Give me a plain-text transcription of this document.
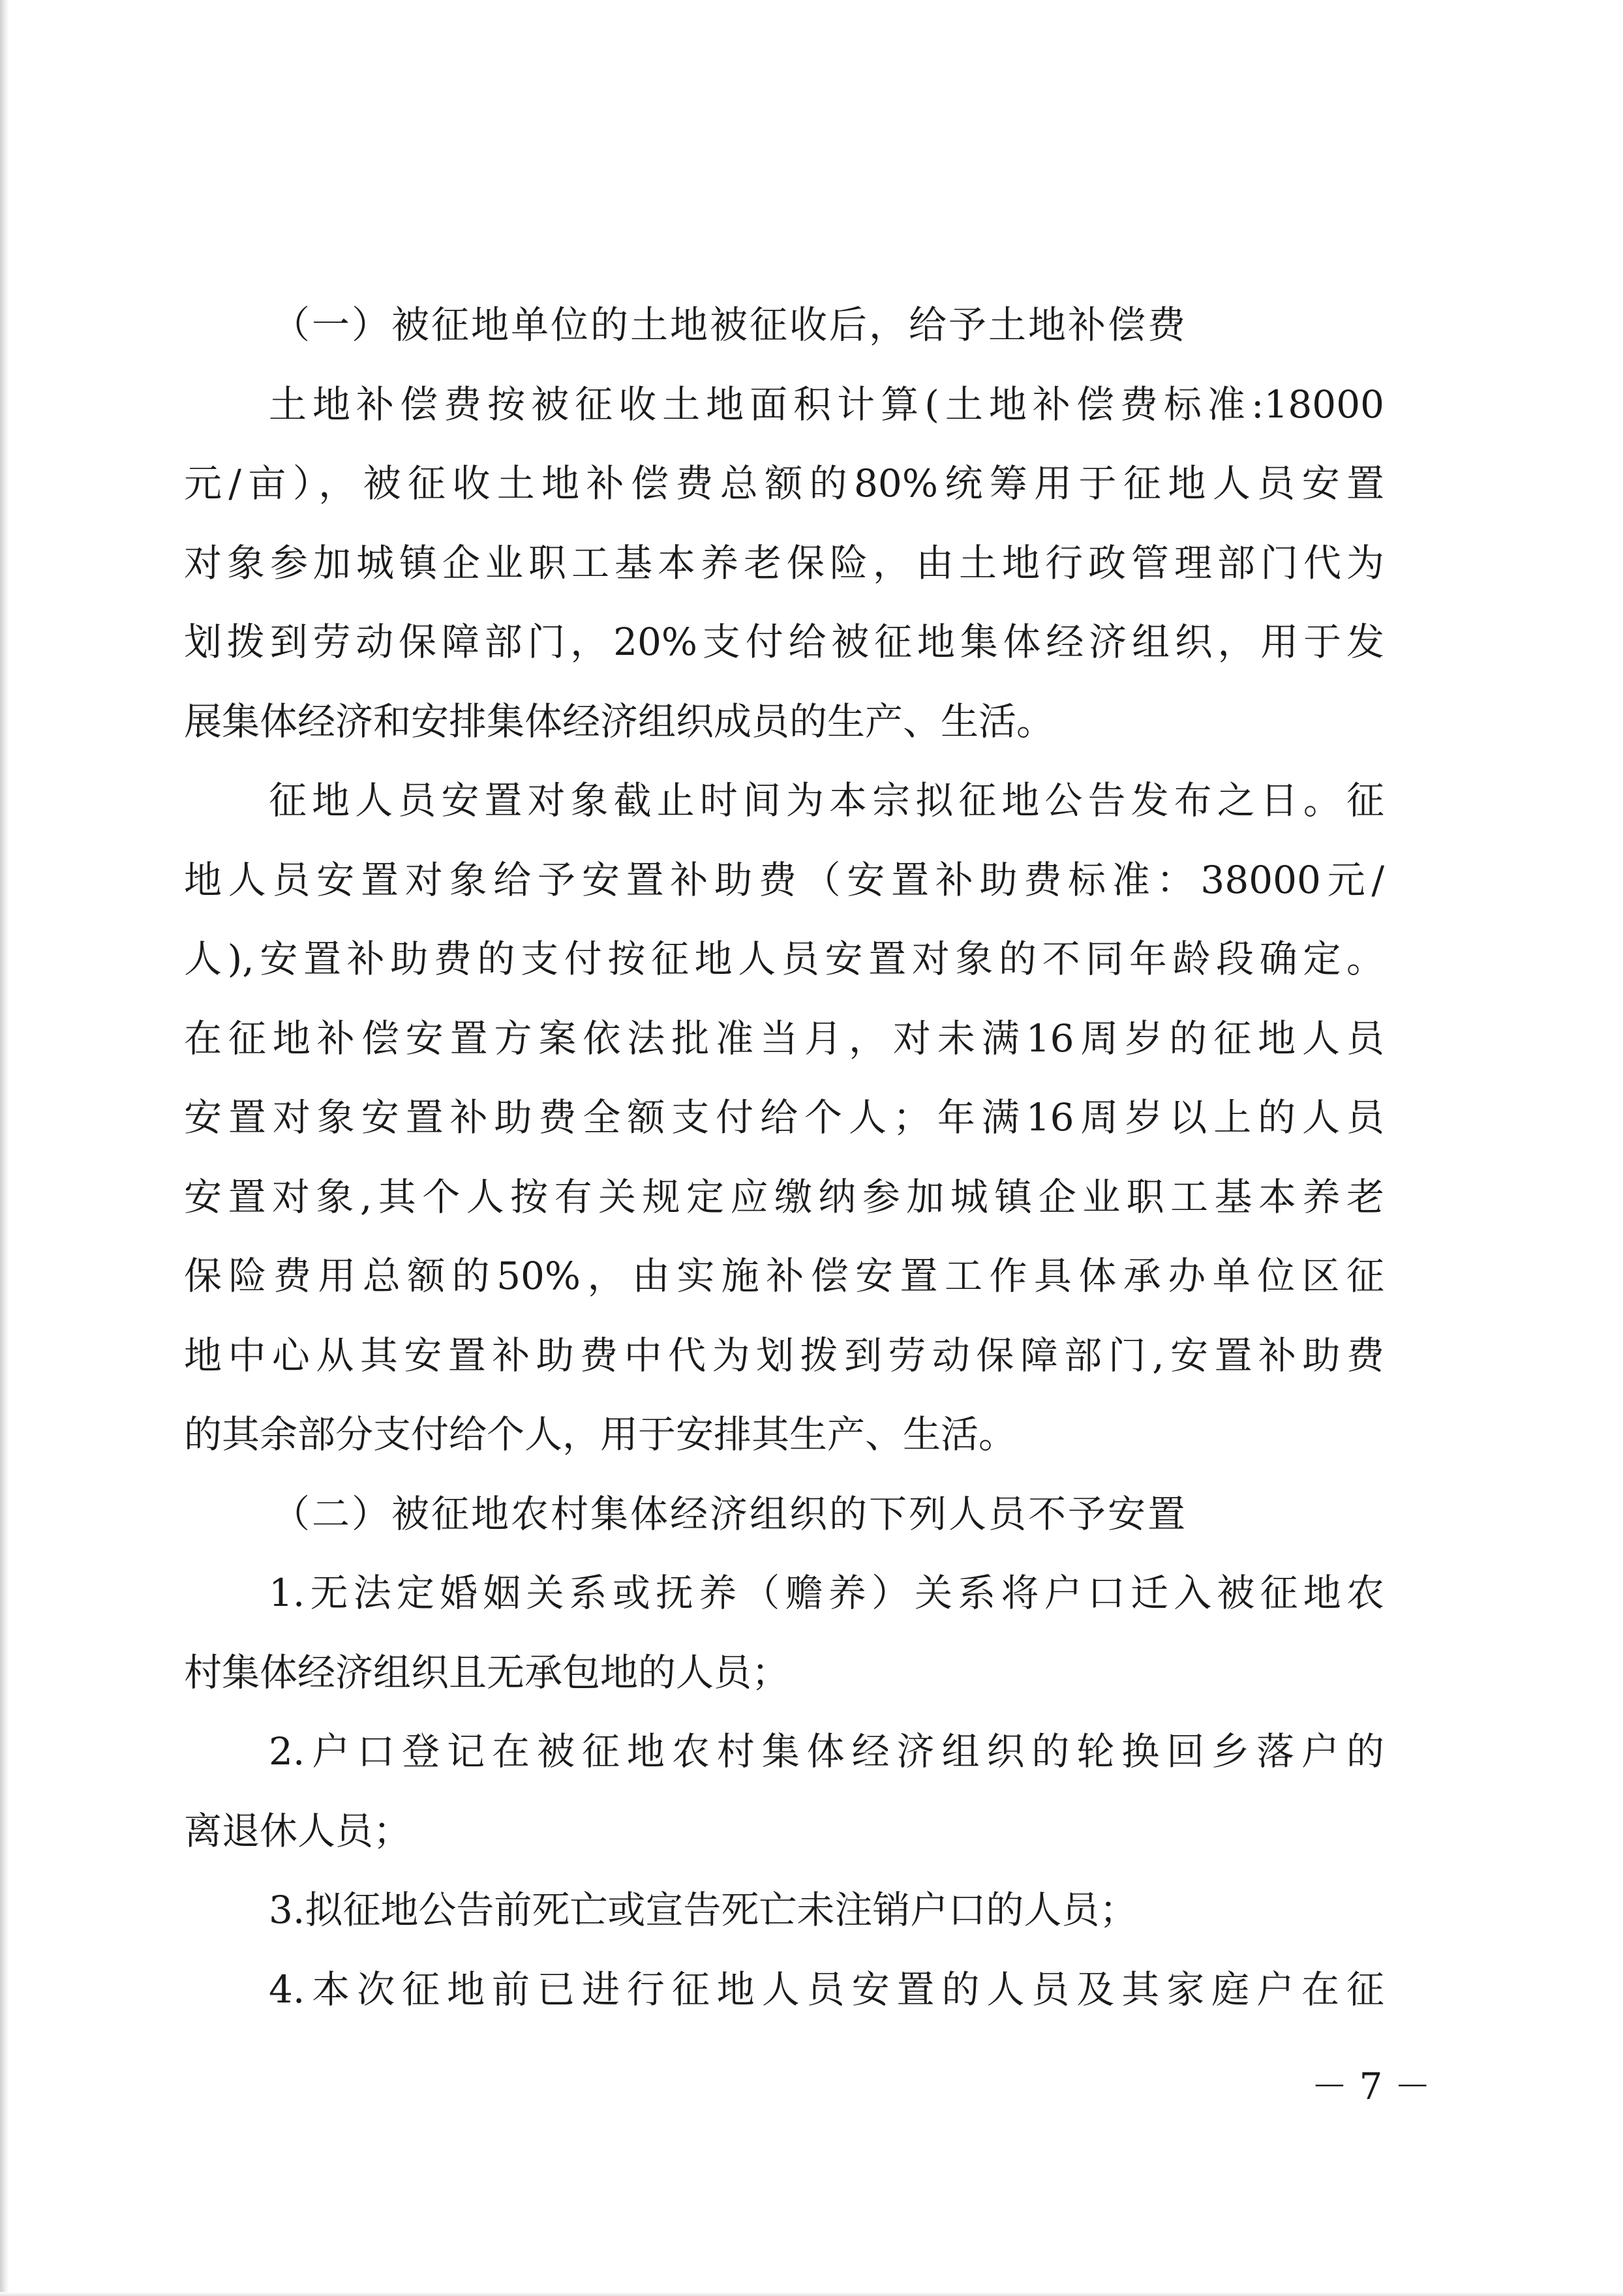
（一）被征地单位的土地被征收后，给予土地补偿费
土地补偿费按被征收土地面积计算(土地补偿费标准:18000
元/亩），被征收土地补偿费总额的80%统筹用于征地人员安置
对象参加城镇企业职工基本养老保险，由土地行政管理部门代为
划拨到劳动保障部门，20%支付给被征地集体经济组织，用于发
展集体经济和安排集体经济组织成员的生产、生活。
征地人员安置对象截止时间为本宗拟征地公告发布之日。征
地人员安置对象给予安置补助费（安置补助费标准：38000元/
人),安置补助费的支付按征地人员安置对象的不同年龄段确定。
在征地补偿安置方案依法批准当月，对未满16周岁的征地人员
安置对象安置补助费全额支付给个人；年满16周岁以上的人员
安置对象,其个人按有关规定应缴纳参加城镇企业职工基本养老
保险费用总额的50%，由实施补偿安置工作具体承办单位区征
地中心从其安置补助费中代为划拨到劳动保障部门,安置补助费
的其余部分支付给个人，用于安排其生产、生活。
（二）被征地农村集体经济组织的下列人员不予安置
1.无法定婚姻关系或抚养（赡养）关系将户口迁入被征地农
村集体经济组织且无承包地的人员；
2.户口登记在被征地农村集体经济组织的轮换回乡落户的
离退休人员；
3.拟征地公告前死亡或宣告死亡未注销户口的人员；
4.本次征地前已进行征地人员安置的人员及其家庭户在征
－ 7 －
